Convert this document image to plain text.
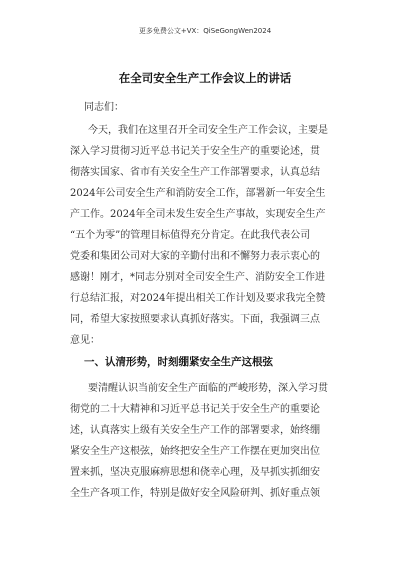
更多免费公文+VX：QiSeGongWen2024
在全司安全生产工作会议上的讲话
同志们：
今天，我们在这里召开全司安全生产工作会议，主要是
深入学习贯彻习近平总书记关于安全生产的重要论述，贯
彻落实国家、省市有关安全生产工作部署要求，认真总结
2024年公司安全生产和消防安全工作，部署新一年安全生
产工作。2024年全司未发生安全生产事故，实现安全生产
“五个为零”的管理目标值得充分肯定。在此我代表公司
党委和集团公司对大家的辛勤付出和不懈努力表示衷心的
感谢！刚才，*同志分别对全司安全生产、消防安全工作进
行总结汇报，对2024年提出相关工作计划及要求我完全赞
同，希望大家按照要求认真抓好落实。下面，我强调三点
意见：
一、认清形势，时刻绷紧安全生产这根弦
要清醒认识当前安全生产面临的严峻形势，深入学习贯
彻党的二十大精神和习近平总书记关于安全生产的重要论
述，认真落实上级有关安全生产工作的部署要求，始终绷
紧安全生产这根弦，始终把安全生产工作摆在更加突出位
置来抓，坚决克服麻痹思想和侥幸心理，及早抓实抓细安
全生产各项工作，特别是做好安全风险研判、抓好重点领
